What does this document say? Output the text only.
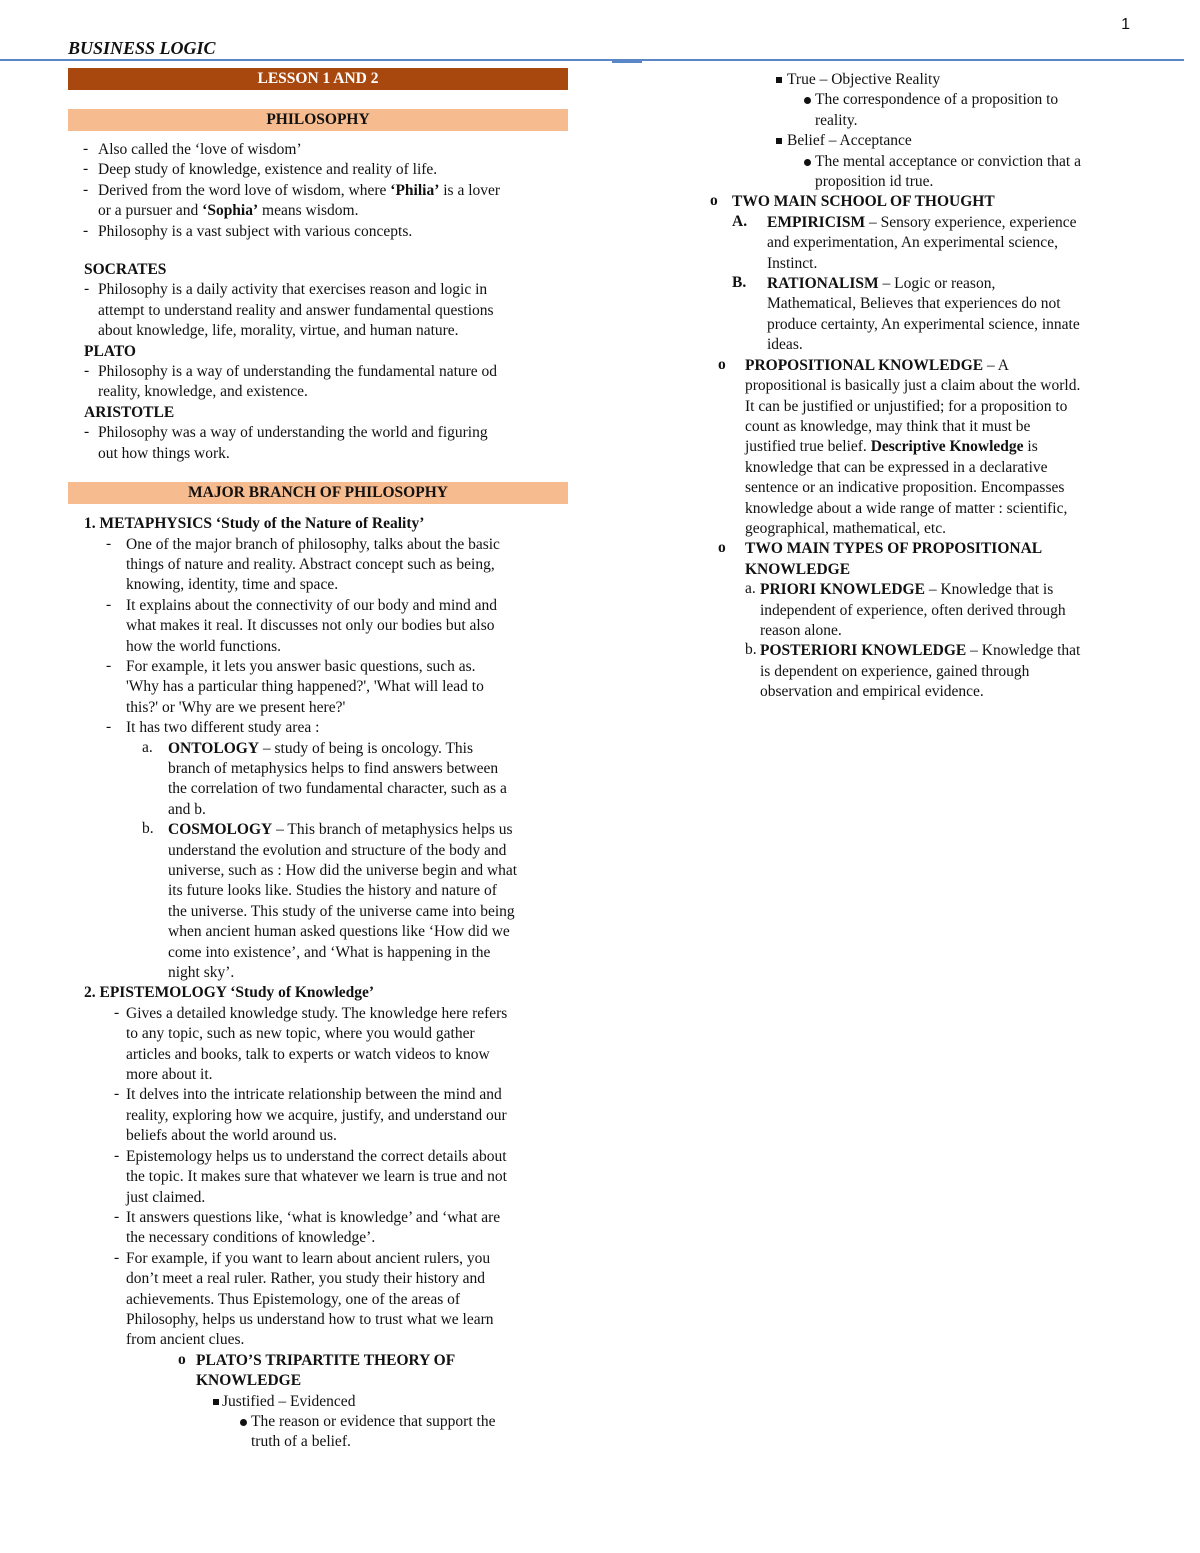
1
BUSINESS LOGIC
LESSON 1 AND 2
PHILOSOPHY
- Also called the ‘love of wisdom’
- Deep study of knowledge, existence and reality of life.
- Derived from the word love of wisdom, where ‘Philia’ is a lover
or a pursuer and ‘Sophia’ means wisdom.
- Philosophy is a vast subject with various concepts.
SOCRATES
- Philosophy is a daily activity that exercises reason and logic in
attempt to understand reality and answer fundamental questions
about knowledge, life, morality, virtue, and human nature.
PLATO
- Philosophy is a way of understanding the fundamental nature od
reality, knowledge, and existence.
ARISTOTLE
- Philosophy was a way of understanding the world and figuring
out how things work.
MAJOR BRANCH OF PHILOSOPHY
1. METAPHYSICS ‘Study of the Nature of Reality’
- One of the major branch of philosophy, talks about the basic
things of nature and reality. Abstract concept such as being,
knowing, identity, time and space.
- It explains about the connectivity of our body and mind and
what makes it real. It discusses not only our bodies but also
how the world functions.
- For example, it lets you answer basic questions, such as.
'Why has a particular thing happened?', 'What will lead to
this?' or 'Why are we present here?'
- It has two different study area :
a. ONTOLOGY – study of being is oncology. This
branch of metaphysics helps to find answers between
the correlation of two fundamental character, such as a
and b.
b. COSMOLOGY – This branch of metaphysics helps us
understand the evolution and structure of the body and
universe, such as : How did the universe begin and what
its future looks like. Studies the history and nature of
the universe. This study of the universe came into being
when ancient human asked questions like ‘How did we
come into existence’, and ‘What is happening in the
night sky’.
2. EPISTEMOLOGY ‘Study of Knowledge’
- Gives a detailed knowledge study. The knowledge here refers
to any topic, such as new topic, where you would gather
articles and books, talk to experts or watch videos to know
more about it.
- It delves into the intricate relationship between the mind and
reality, exploring how we acquire, justify, and understand our
beliefs about the world around us.
- Epistemology helps us to understand the correct details about
the topic. It makes sure that whatever we learn is true and not
just claimed.
- It answers questions like, ‘what is knowledge’ and ‘what are
the necessary conditions of knowledge’.
- For example, if you want to learn about ancient rulers, you
don’t meet a real ruler. Rather, you study their history and
achievements. Thus Epistemology, one of the areas of
Philosophy, helps us understand how to trust what we learn
from ancient clues.
o PLATO’S TRIPARTITE THEORY OF
KNOWLEDGE
Justified – Evidenced
The reason or evidence that support the
truth of a belief.
True – Objective Reality
The correspondence of a proposition to
reality.
Belief – Acceptance
The mental acceptance or conviction that a
proposition id true.
o TWO MAIN SCHOOL OF THOUGHT
A.	EMPIRICISM – Sensory experience, experience
and experimentation, An experimental science,
Instinct.
B.	RATIONALISM – Logic or reason,
Mathematical, Believes that experiences do not
produce certainty, An experimental science, innate
ideas.
o	PROPOSITIONAL KNOWLEDGE – A
propositional is basically just a claim about the world.
It can be justified or unjustified; for a proposition to
count as knowledge, may think that it must be
justified true belief. Descriptive Knowledge is
knowledge that can be expressed in a declarative
sentence or an indicative proposition. Encompasses
knowledge about a wide range of matter : scientific,
geographical, mathematical, etc.
o	TWO MAIN TYPES OF PROPOSITIONAL
KNOWLEDGE
a. PRIORI KNOWLEDGE – Knowledge that is
independent of experience, often derived through
reason alone.
b. POSTERIORI KNOWLEDGE – Knowledge that
is dependent on experience, gained through
observation and empirical evidence.
